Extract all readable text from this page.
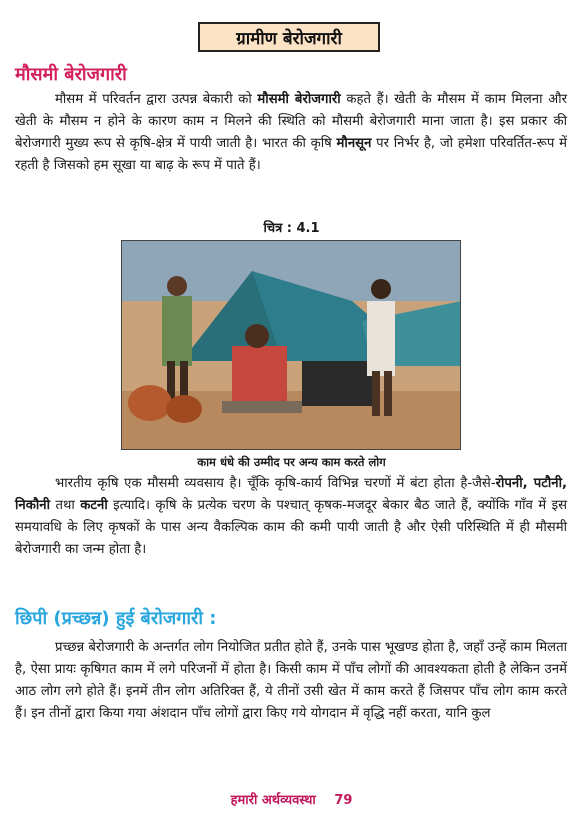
ग्रामीण बेरोजगारी
मौसमी बेरोजगारी

मौसम में परिवर्तन द्वारा उत्पन्न बेकारी को मौसमी बेरोजगारी कहते हैं। खेती के मौसम में काम मिलना और खेती के मौसम न होने के कारण काम न मिलने की स्थिति को मौसमी बेरोजगारी माना जाता है। इस प्रकार की बेरोजगारी मुख्य रूप से कृषि-क्षेत्र में पायी जाती है। भारत की कृषि मौनसून पर निर्भर है, जो हमेशा परिवर्तित-रूप में रहती है जिसको हम सूखा या बाढ़ के रूप में पाते हैं।

चित्र : 4.1
काम धंधे की उम्मीद पर अन्य काम करते लोग

भारतीय कृषि एक मौसमी व्यवसाय है। चूँकि कृषि-कार्य विभिन्न चरणों में बंटा होता है-जैसे-रोपनी, पटौनी, निकौनी तथा कटनी इत्यादि। कृषि के प्रत्येक चरण के पश्चात् कृषक-मजदूर बेकार बैठ जाते हैं, क्योंकि गाँव में इस समयावधि के लिए कृषकों के पास अन्य वैकल्पिक काम की कमी पायी जाती है और ऐसी परिस्थिति में ही मौसमी बेरोजगारी का जन्म होता है।

छिपी (प्रच्छन्न) हुई बेरोजगारी :

प्रच्छन्न बेरोजगारी के अन्तर्गत लोग नियोजित प्रतीत होते हैं, उनके पास भूखण्ड होता है, जहाँ उन्हें काम मिलता है, ऐसा प्रायः कृषिगत काम में लगे परिजनों में होता है। किसी काम में पाँच लोगों की आवश्यकता होती है लेकिन उनमें आठ लोग लगे होते हैं। इनमें तीन लोग अतिरिक्त हैं, ये तीनों उसी खेत में काम करते हैं जिसपर पाँच लोग काम करते हैं। इन तीनों द्वारा किया गया अंशदान पाँच लोगों द्वारा किए गये योगदान में वृद्धि नहीं करता, यानि कुल

हमारी अर्थव्यवस्था 79
